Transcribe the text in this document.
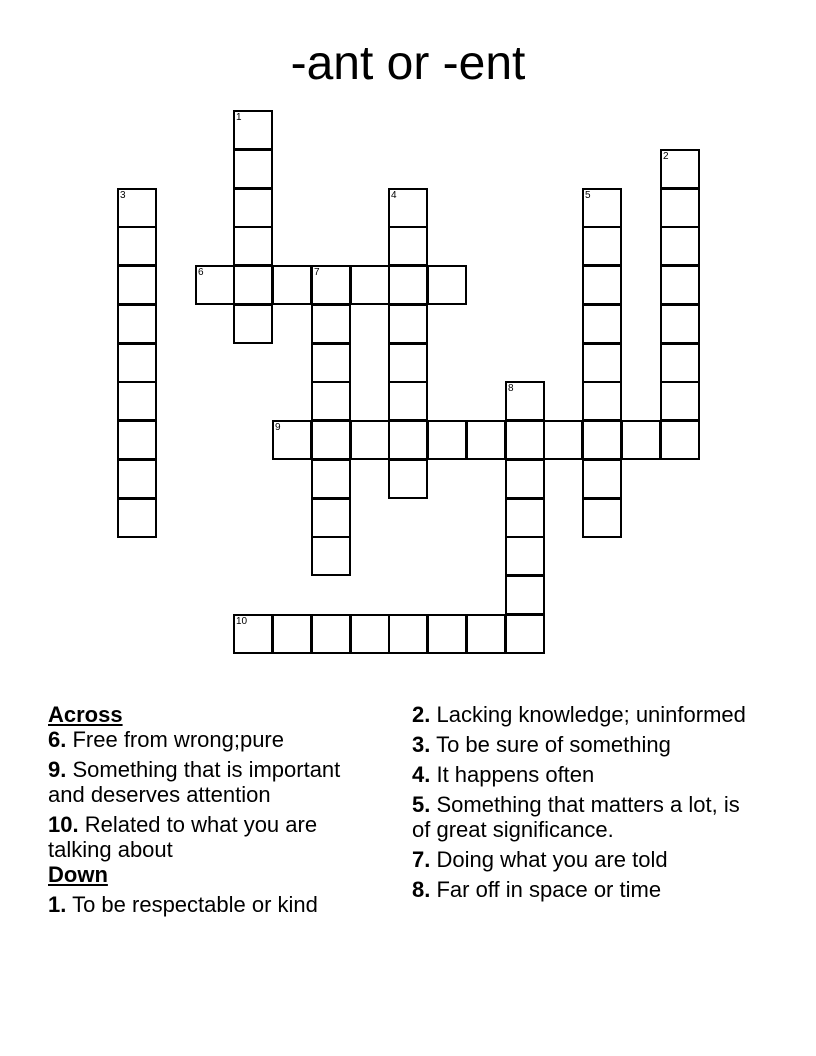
-ant or -ent
1
2
3	4	5
6	7
8
9
10

Across

6. Free from wrong;pure

9. Something that is important and deserves attention

10. Related to what you are talking about

Down

1. To be respectable or kind

2. Lacking knowledge; uninformed

3. To be sure of something

4. It happens often

5. Something that matters a lot, is of great significance.

7. Doing what you are told

8. Far off in space or time
